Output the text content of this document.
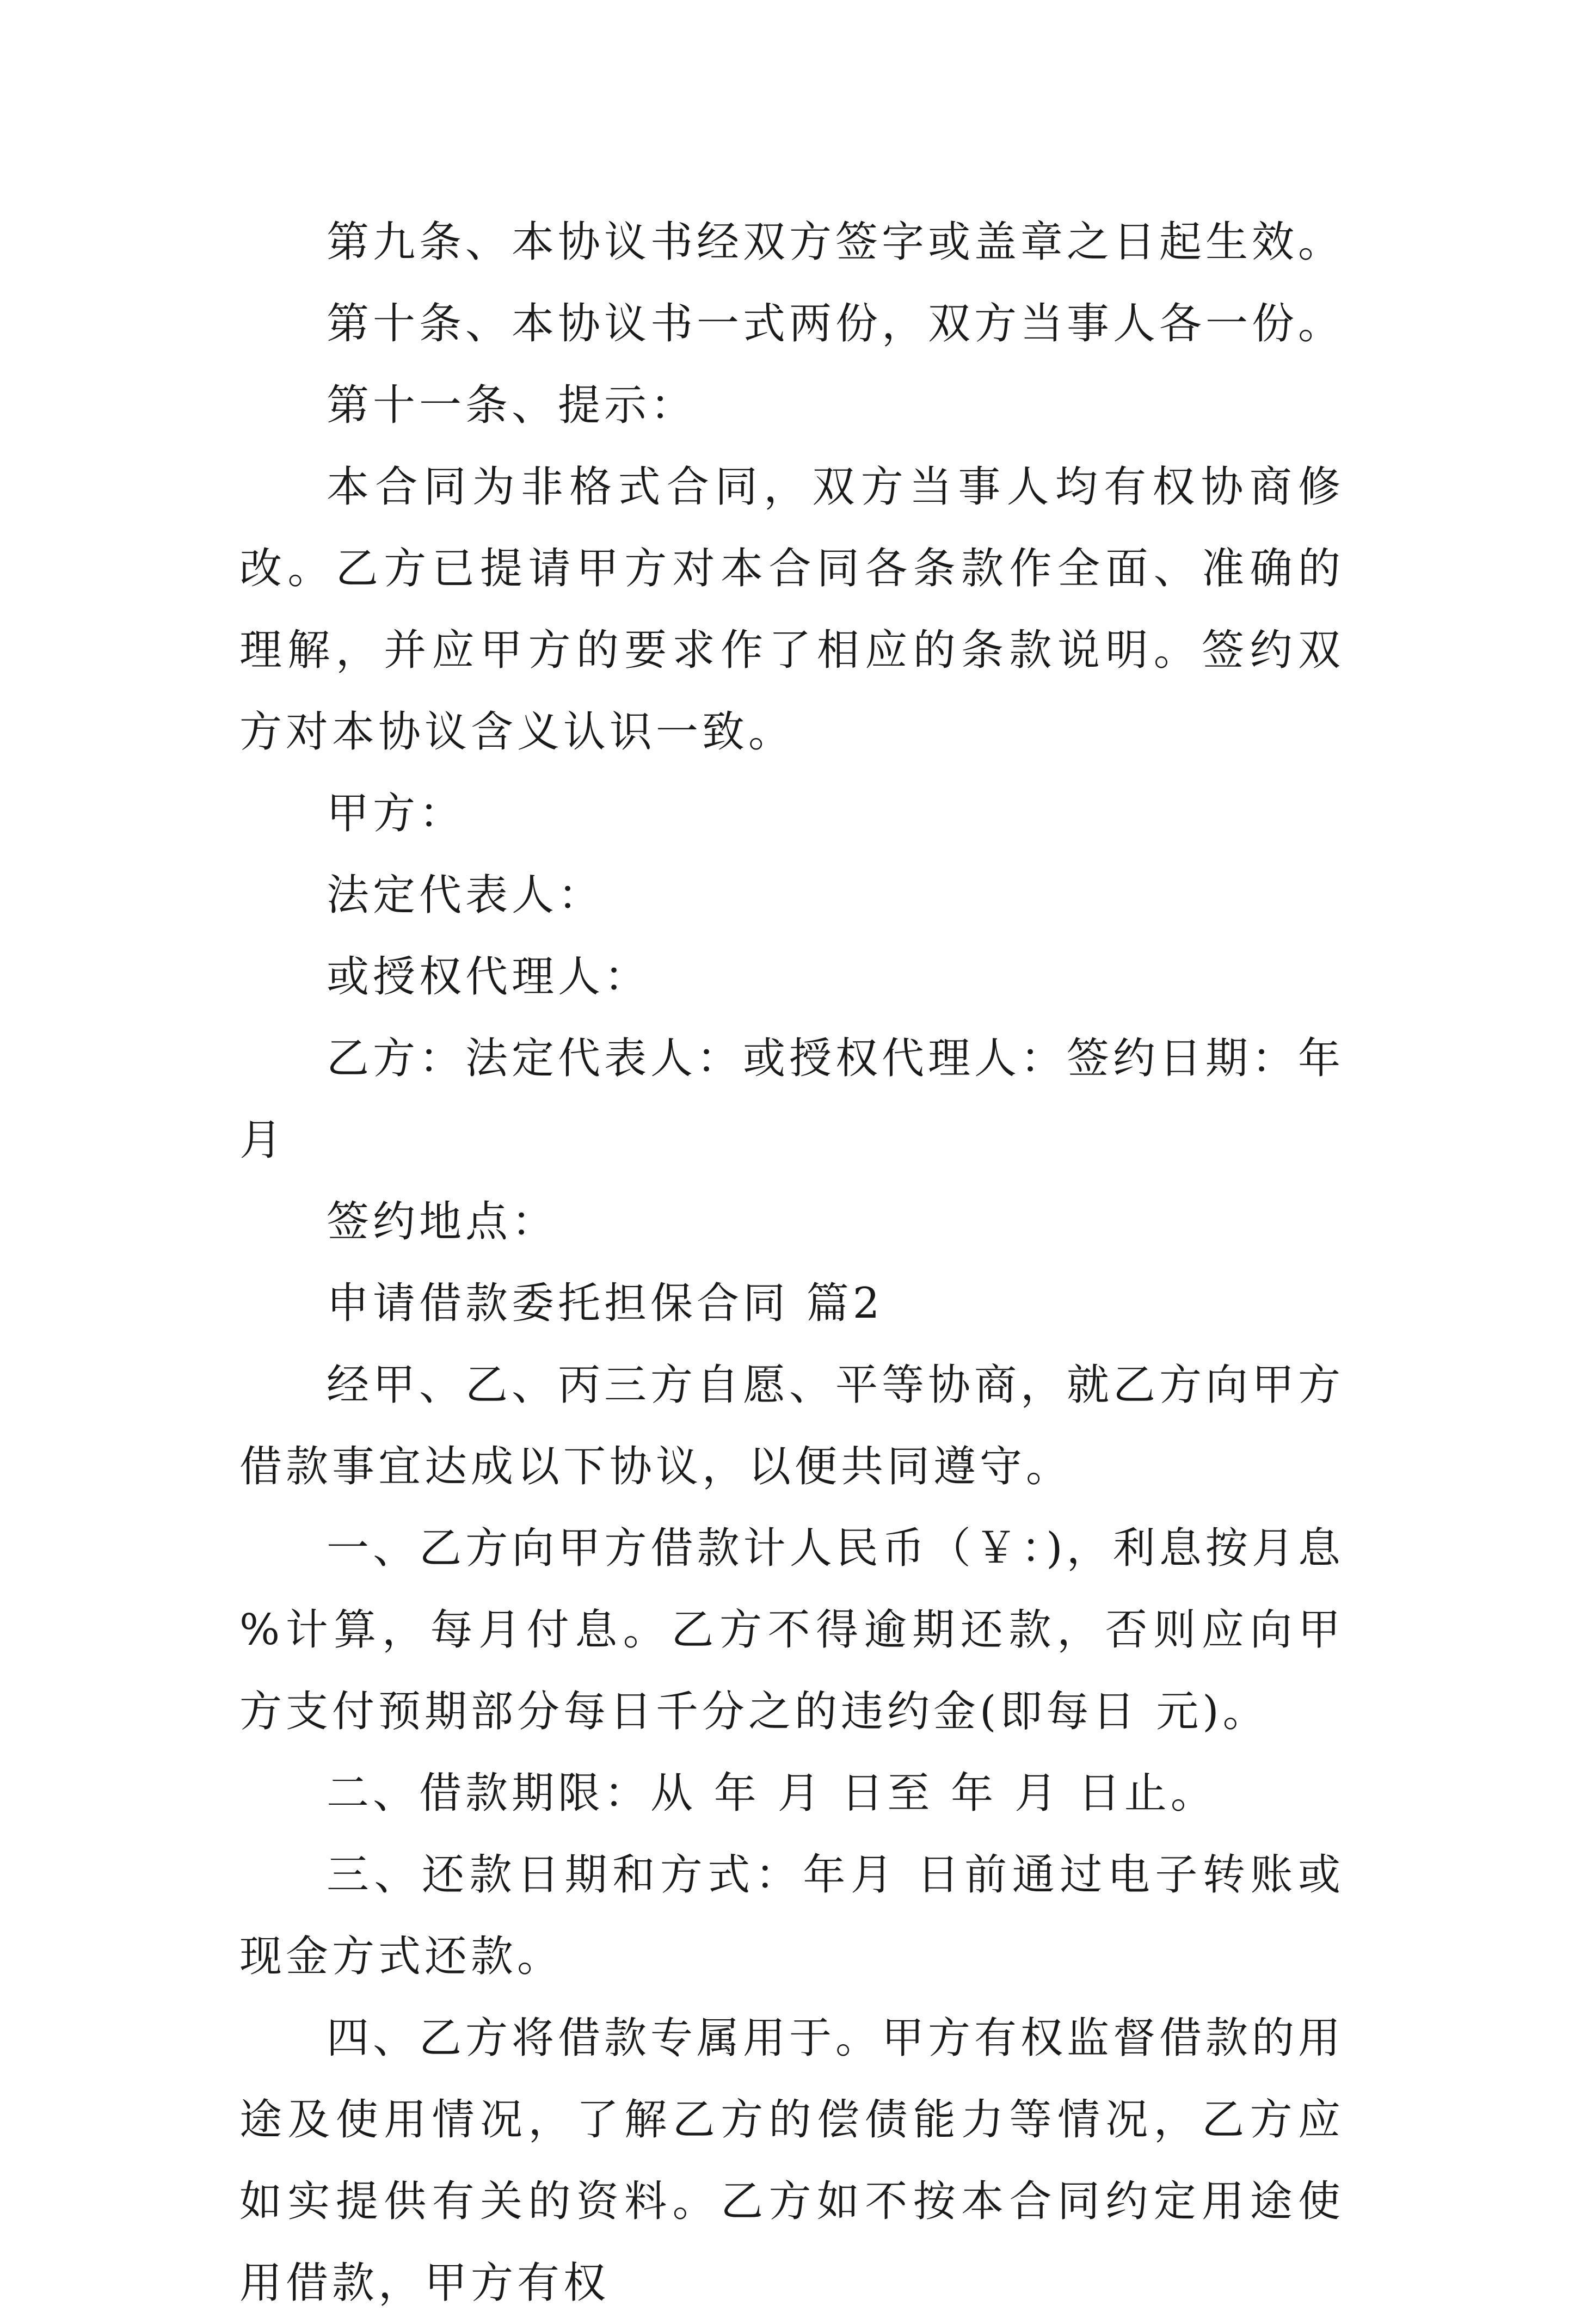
第九条、本协议书经双方签字或盖章之日起生效。

第十条、本协议书一式两份，双方当事人各一份。

第十一条、提示：

本合同为非格式合同，双方当事人均有权协商修改。乙方已提请甲方对本合同各条款作全面、准确的理解，并应甲方的要求作了相应的条款说明。签约双方对本协议含义认识一致。

甲方：

法定代表人：

或授权代理人：

乙方：法定代表人：或授权代理人：签约日期：年月

签约地点：

申请借款委托担保合同 篇2

经甲、乙、丙三方自愿、平等协商，就乙方向甲方借款事宜达成以下协议，以便共同遵守。

一、乙方向甲方借款计人民币（￥：)，利息按月息 %计算，每月付息。乙方不得逾期还款，否则应向甲方支付预期部分每日千分之的违约金(即每日 元)。

二、借款期限：从 年 月 日至 年 月 日止。

三、还款日期和方式：年月 日前通过电子转账或现金方式还款。

四、乙方将借款专属用于。甲方有权监督借款的用途及使用情况，了解乙方的偿债能力等情况，乙方应如实提供有关的资料。乙方如不按本合同约定用途使用借款，甲方有权
